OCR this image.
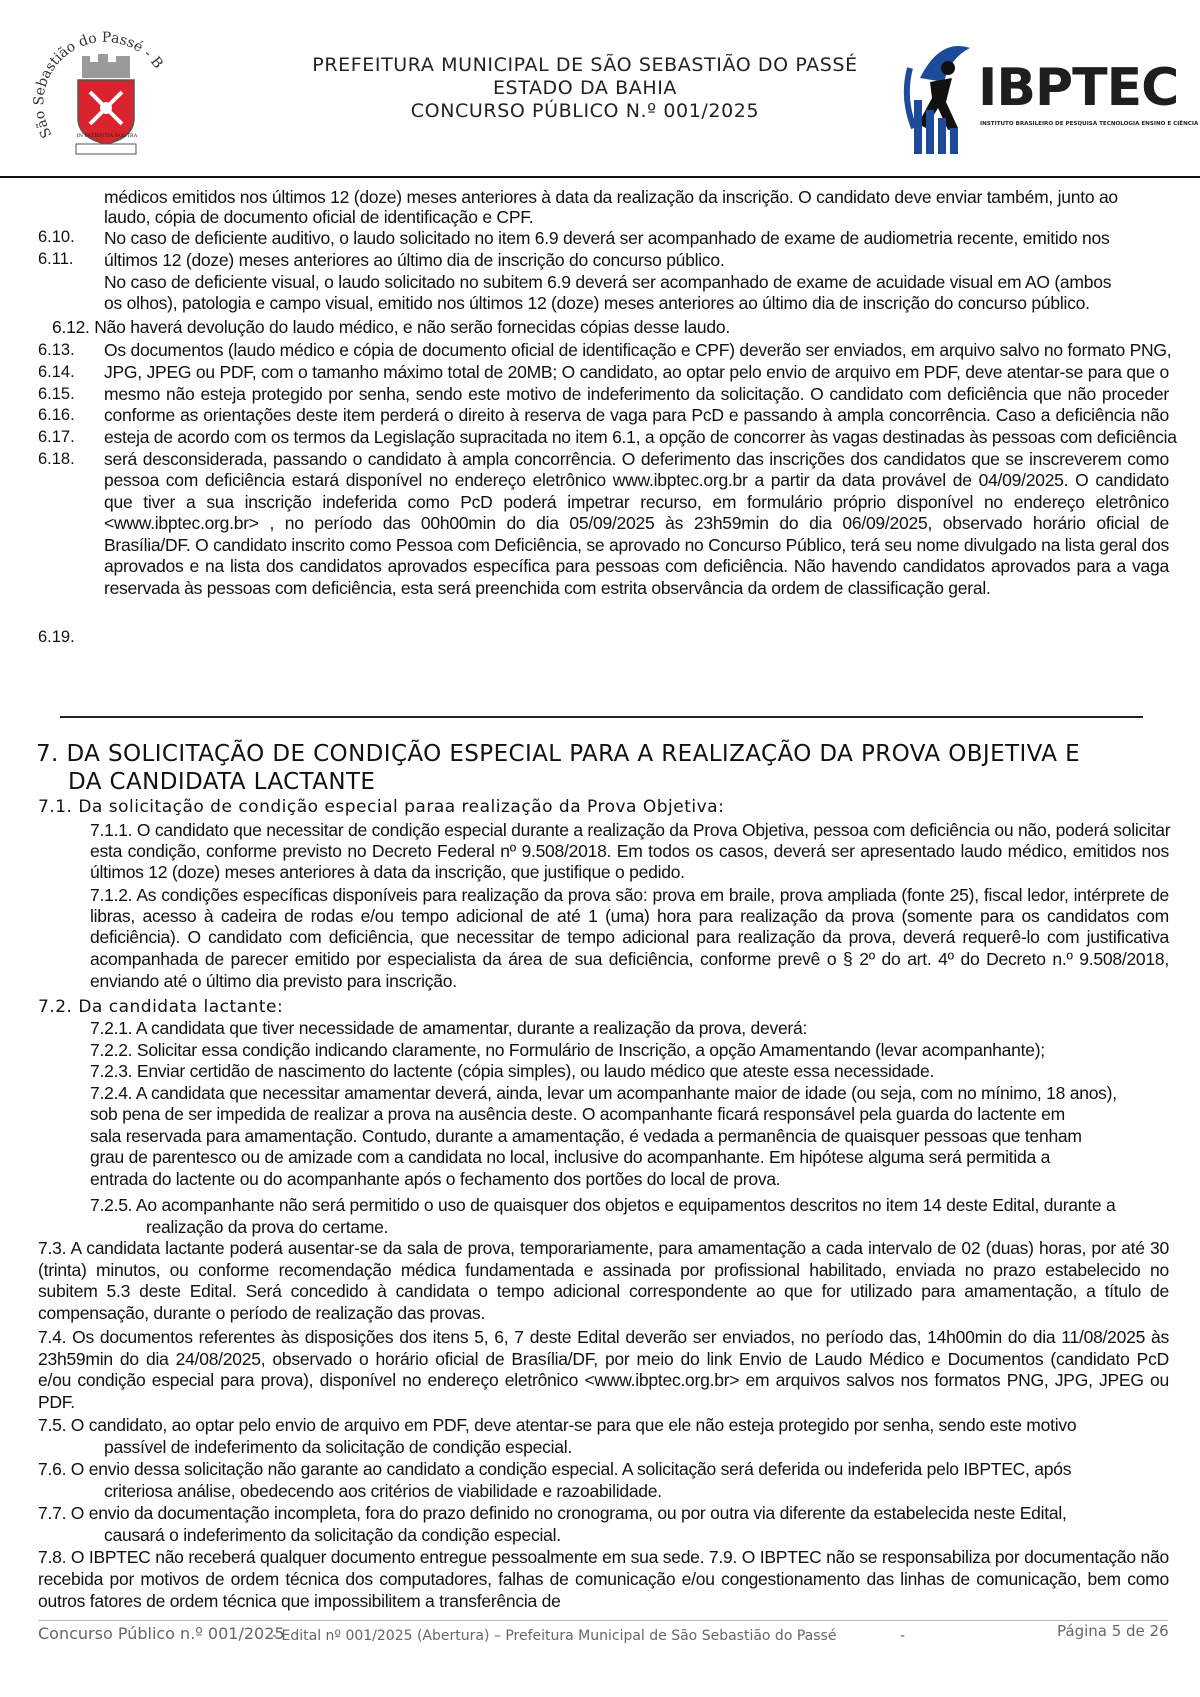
São Sebastião do Passé - B
IN PATIENTIA NOSTRA
PREFEITURA MUNICIPAL DE SÃO SEBASTIÃO DO PASSÉ
ESTADO DA BAHIA
CONCURSO PÚBLICO N.º 001/2025	IBPTEC
INSTITUTO BRASILEIRO DE PESQUISA TECNOLOGIA ENSINO E CIÊNCIA
6.10.
6.11.
6.13.
6.14.
6.15.
6.16.
6.17.
6.18.
6.19.
médicos emitidos nos últimos 12 (doze) meses anteriores à data da realização da inscrição. O candidato deve enviar também, junto ao
laudo, cópia de documento oficial de identificação e CPF.
No caso de deficiente auditivo, o laudo solicitado no item 6.9 deverá ser acompanhado de exame de audiometria recente, emitido nos
últimos 12 (doze) meses anteriores ao último dia de inscrição do concurso público.
No caso de deficiente visual, o laudo solicitado no subitem 6.9 deverá ser acompanhado de exame de acuidade visual em AO (ambos
os olhos), patologia e campo visual, emitido nos últimos 12 (doze) meses anteriores ao último dia de inscrição do concurso público.
6.12. Não haverá devolução do laudo médico, e não serão fornecidas cópias desse laudo.
Os documentos (laudo médico e cópia de documento oficial de identificação e CPF) deverão ser enviados, em arquivo salvo no formato PNG,
JPG, JPEG ou PDF, com o tamanho máximo total de 20MB; O candidato, ao optar pelo envio de arquivo em PDF, deve atentar-se para que o
mesmo não esteja protegido por senha, sendo este motivo de indeferimento da solicitação. O candidato com deficiência que não proceder
conforme as orientações deste item perderá o direito à reserva de vaga para PcD e passando à ampla concorrência. Caso a deficiência não
esteja de acordo com os termos da Legislação supracitada no item 6.1, a opção de concorrer às vagas destinadas às pessoas com deficiência
será desconsiderada, passando o candidato à ampla concorrência. O deferimento das inscrições dos candidatos que se inscreverem como
pessoa com deficiência estará disponível no endereço eletrônico www.ibptec.org.br a partir da data provável de 04/09/2025. O candidato
que tiver a sua inscrição indeferida como PcD poderá impetrar recurso, em formulário próprio disponível no endereço eletrônico
<www.ibptec.org.br> , no período das 00h00min do dia 05/09/2025 às 23h59min do dia 06/09/2025, observado horário oficial de
Brasília/DF. O candidato inscrito como Pessoa com Deficiência, se aprovado no Concurso Público, terá seu nome divulgado na lista geral dos
aprovados e na lista dos candidatos aprovados específica para pessoas com deficiência. Não havendo candidatos aprovados para a vaga
reservada às pessoas com deficiência, esta será preenchida com estrita observância da ordem de classificação geral.
7. DA SOLICITAÇÃO DE CONDIÇÃO ESPECIAL PARA A REALIZAÇÃO DA PROVA OBJETIVA E
DA CANDIDATA LACTANTE
7.1. Da solicitação de condição especial paraa realização da Prova Objetiva:
7.1.1. O candidato que necessitar de condição especial durante a realização da Prova Objetiva, pessoa com deficiência ou não, poderá solicitar
esta condição, conforme previsto no Decreto Federal nº 9.508/2018. Em todos os casos, deverá ser apresentado laudo médico, emitidos nos
últimos 12 (doze) meses anteriores à data da inscrição, que justifique o pedido.
7.1.2. As condições específicas disponíveis para realização da prova são: prova em braile, prova ampliada (fonte 25), fiscal ledor, intérprete de
libras, acesso à cadeira de rodas e/ou tempo adicional de até 1 (uma) hora para realização da prova (somente para os candidatos com
deficiência). O candidato com deficiência, que necessitar de tempo adicional para realização da prova, deverá requerê-lo com justificativa
acompanhada de parecer emitido por especialista da área de sua deficiência, conforme prevê o § 2º do art. 4º do Decreto n.º 9.508/2018,
enviando até o último dia previsto para inscrição.
7.2. Da candidata lactante:
7.2.1. A candidata que tiver necessidade de amamentar, durante a realização da prova, deverá:
7.2.2. Solicitar essa condição indicando claramente, no Formulário de Inscrição, a opção Amamentando (levar acompanhante);
7.2.3. Enviar certidão de nascimento do lactente (cópia simples), ou laudo médico que ateste essa necessidade.
7.2.4. A candidata que necessitar amamentar deverá, ainda, levar um acompanhante maior de idade (ou seja, com no mínimo, 18 anos),
sob pena de ser impedida de realizar a prova na ausência deste. O acompanhante ficará responsável pela guarda do lactente em
sala reservada para amamentação. Contudo, durante a amamentação, é vedada a permanência de quaisquer pessoas que tenham
grau de parentesco ou de amizade com a candidata no local, inclusive do acompanhante. Em hipótese alguma será permitida a
entrada do lactente ou do acompanhante após o fechamento dos portões do local de prova.
7.2.5. Ao acompanhante não será permitido o uso de quaisquer dos objetos e equipamentos descritos no item 14 deste Edital, durante a
realização da prova do certame.
7.3. A candidata lactante poderá ausentar-se da sala de prova, temporariamente, para amamentação a cada intervalo de 02 (duas) horas, por até 30
(trinta) minutos, ou conforme recomendação médica fundamentada e assinada por profissional habilitado, enviada no prazo estabelecido no
subitem 5.3 deste Edital. Será concedido à candidata o tempo adicional correspondente ao que for utilizado para amamentação, a título de
compensação, durante o período de realização das provas.
7.4. Os documentos referentes às disposições dos itens 5, 6, 7 deste Edital deverão ser enviados, no período das, 14h00min do dia 11/08/2025 às
23h59min do dia 24/08/2025, observado o horário oficial de Brasília/DF, por meio do link Envio de Laudo Médico e Documentos (candidato PcD
e/ou condição especial para prova), disponível no endereço eletrônico <www.ibptec.org.br> em arquivos salvos nos formatos PNG, JPG, JPEG ou
PDF.
7.5. O candidato, ao optar pelo envio de arquivo em PDF, deve atentar-se para que ele não esteja protegido por senha, sendo este motivo
passível de indeferimento da solicitação de condição especial.
7.6. O envio dessa solicitação não garante ao candidato a condição especial. A solicitação será deferida ou indeferida pelo IBPTEC, após
criteriosa análise, obedecendo aos critérios de viabilidade e razoabilidade.
7.7. O envio da documentação incompleta, fora do prazo definido no cronograma, ou por outra via diferente da estabelecida neste Edital,
causará o indeferimento da solicitação da condição especial.
7.8. O IBPTEC não receberá qualquer documento entregue pessoalmente em sua sede. 7.9. O IBPTEC não se responsabiliza por documentação não
recebida por motivos de ordem técnica dos computadores, falhas de comunicação e/ou congestionamento das linhas de comunicação, bem como
outros fatores de ordem técnica que impossibilitem a transferência de
Concurso Público n.º 001/2025
- Edital nº 001/2025 (Abertura) – Prefeitura Municipal de São Sebastião do Passé	-	Página 5 de 26
